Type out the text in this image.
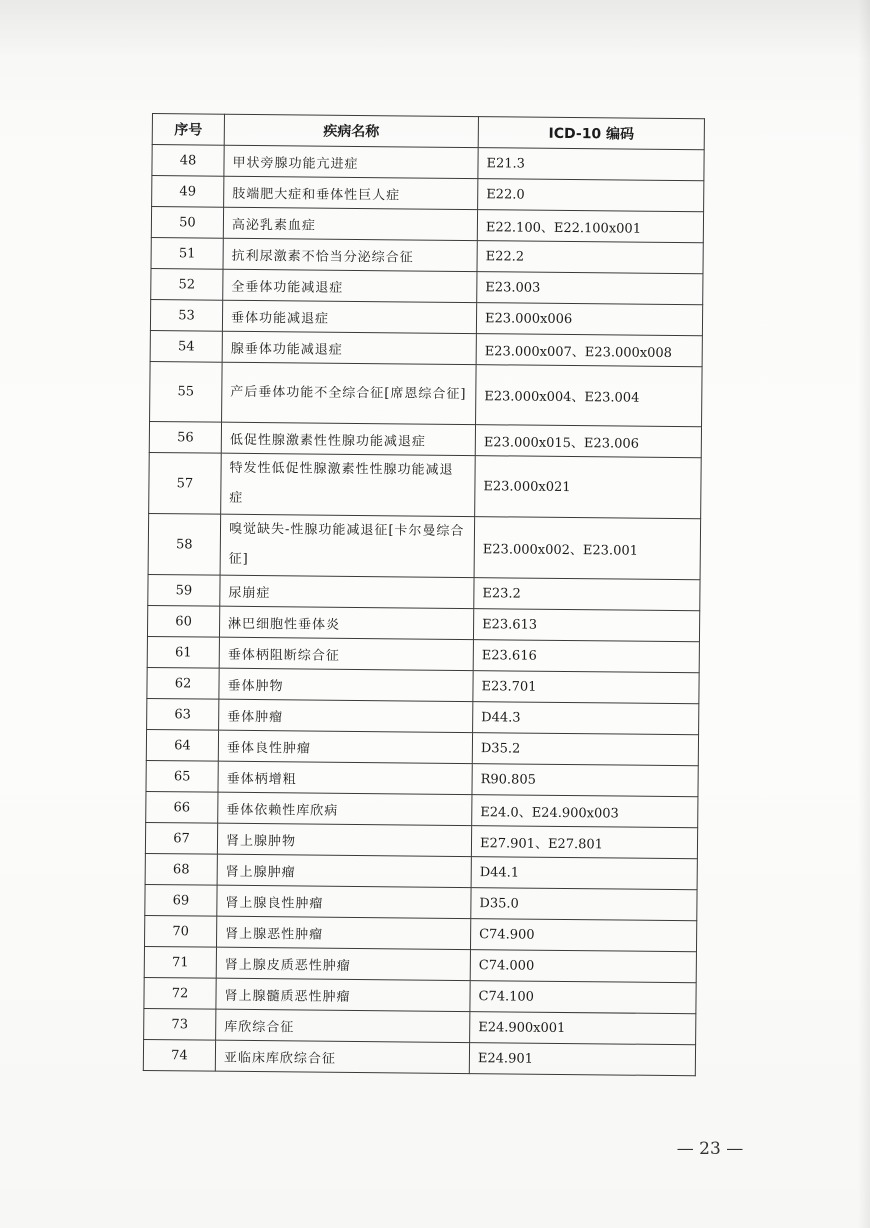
序号	疾病名称	ICD-10 编码
48	甲状旁腺功能亢进症	E21.3
49	肢端肥大症和垂体性巨人症	E22.0
50	高泌乳素血症	E22.100、E22.100x001
51	抗利尿激素不恰当分泌综合征	E22.2
52	全垂体功能减退症	E23.003
53	垂体功能减退症	E23.000x006
54	腺垂体功能减退症	E23.000x007、E23.000x008
55	产后垂体功能不全综合征[席恩综合征]	E23.000x004、E23.004
56	低促性腺激素性性腺功能减退症	E23.000x015、E23.006
57	特发性低促性腺激素性性腺功能减退症	E23.000x021
58	嗅觉缺失-性腺功能减退征[卡尔曼综合征]	E23.000x002、E23.001
59	尿崩症	E23.2
60	淋巴细胞性垂体炎	E23.613
61	垂体柄阻断综合征	E23.616
62	垂体肿物	E23.701
63	垂体肿瘤	D44.3
64	垂体良性肿瘤	D35.2
65	垂体柄增粗	R90.805
66	垂体依赖性库欣病	E24.0、E24.900x003
67	肾上腺肿物	E27.901、E27.801
68	肾上腺肿瘤	D44.1
69	肾上腺良性肿瘤	D35.0
70	肾上腺恶性肿瘤	C74.900
71	肾上腺皮质恶性肿瘤	C74.000
72	肾上腺髓质恶性肿瘤	C74.100
73	库欣综合征	E24.900x001
74	亚临床库欣综合征	E24.901
— 23 —
